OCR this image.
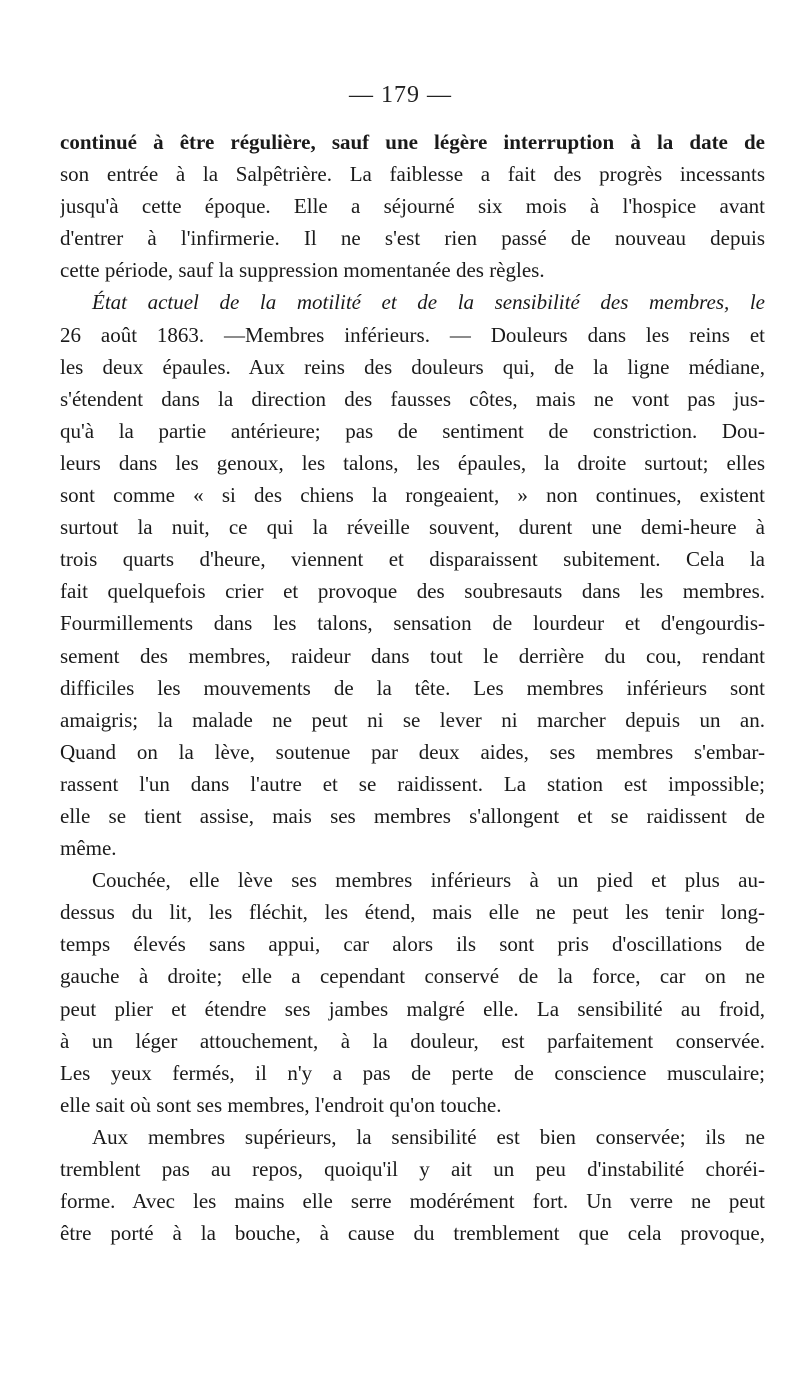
— 179 —
continué à être régulière, sauf une légère interruption à la date de
son entrée à la Salpêtrière. La faiblesse a fait des progrès incessants
jusqu'à cette époque. Elle a séjourné six mois à l'hospice avant
d'entrer à l'infirmerie. Il ne s'est rien passé de nouveau depuis
cette période, sauf la suppression momentanée des règles.
État actuel de la motilité et de la sensibilité des membres, le
26 août 1863. —Membres inférieurs. — Douleurs dans les reins et
les deux épaules. Aux reins des douleurs qui, de la ligne médiane,
s'étendent dans la direction des fausses côtes, mais ne vont pas jus-
qu'à la partie antérieure; pas de sentiment de constriction. Dou-
leurs dans les genoux, les talons, les épaules, la droite surtout; elles
sont comme « si des chiens la rongeaient, » non continues, existent
surtout la nuit, ce qui la réveille souvent, durent une demi-heure à
trois quarts d'heure, viennent et disparaissent subitement. Cela la
fait quelquefois crier et provoque des soubresauts dans les membres.
Fourmillements dans les talons, sensation de lourdeur et d'engourdis-
sement des membres, raideur dans tout le derrière du cou, rendant
difficiles les mouvements de la tête. Les membres inférieurs sont
amaigris; la malade ne peut ni se lever ni marcher depuis un an.
Quand on la lève, soutenue par deux aides, ses membres s'embar-
rassent l'un dans l'autre et se raidissent. La station est impossible;
elle se tient assise, mais ses membres s'allongent et se raidissent de
même.
Couchée, elle lève ses membres inférieurs à un pied et plus au-
dessus du lit, les fléchit, les étend, mais elle ne peut les tenir long-
temps élevés sans appui, car alors ils sont pris d'oscillations de
gauche à droite; elle a cependant conservé de la force, car on ne
peut plier et étendre ses jambes malgré elle. La sensibilité au froid,
à un léger attouchement, à la douleur, est parfaitement conservée.
Les yeux fermés, il n'y a pas de perte de conscience musculaire;
elle sait où sont ses membres, l'endroit qu'on touche.
Aux membres supérieurs, la sensibilité est bien conservée; ils ne
tremblent pas au repos, quoiqu'il y ait un peu d'instabilité choréi-
forme. Avec les mains elle serre modérément fort. Un verre ne peut
être porté à la bouche, à cause du tremblement que cela provoque,
